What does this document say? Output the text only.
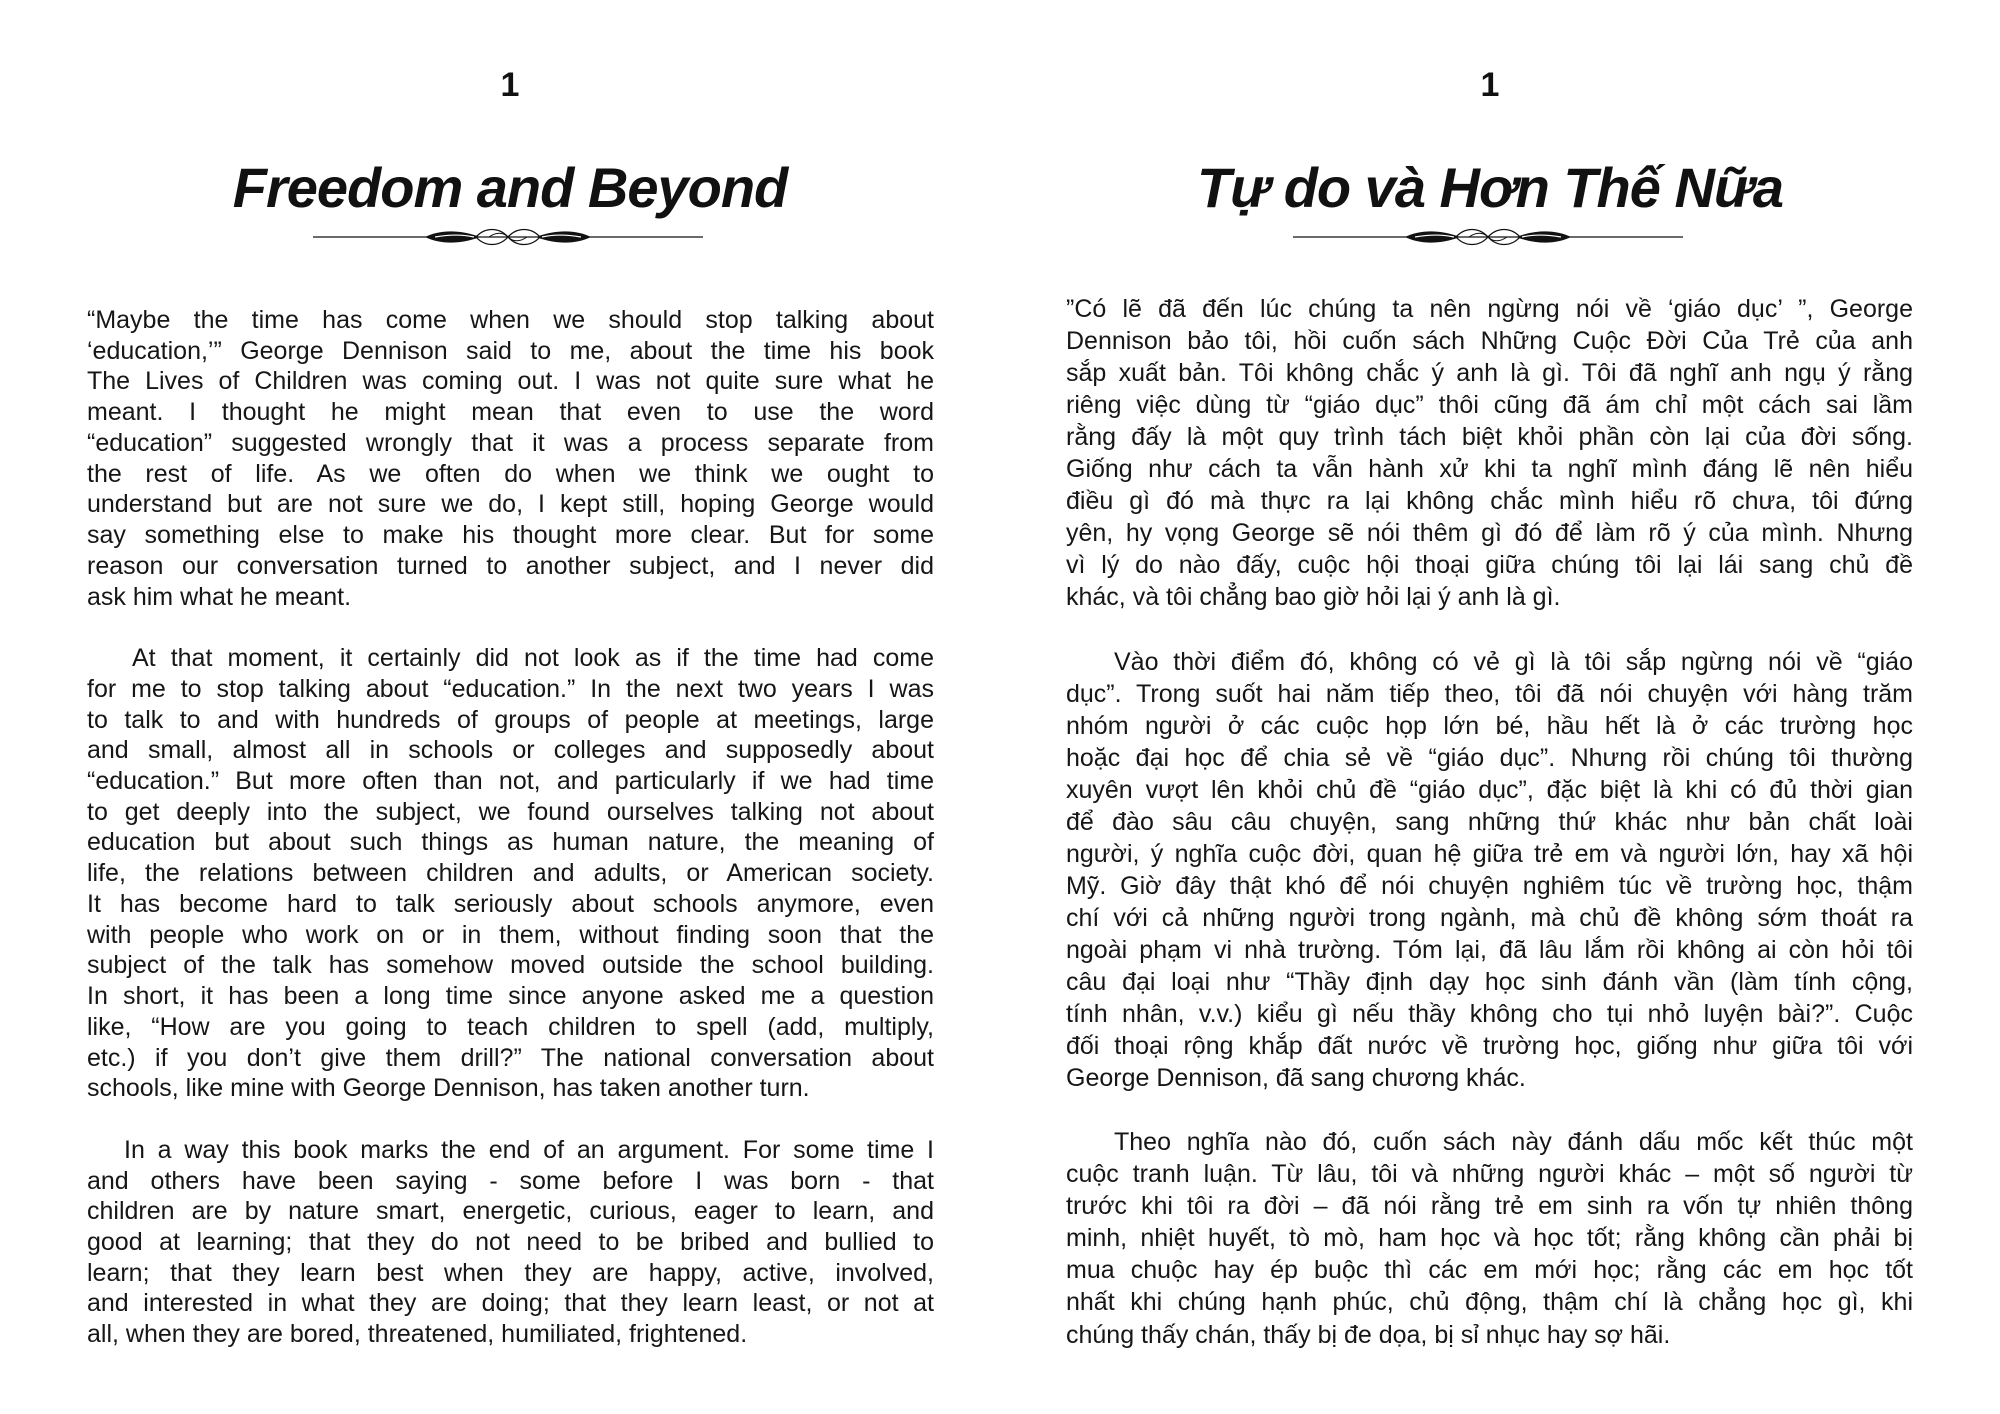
1
Freedom and Beyond
“Maybe the time has come when we should stop talking about
‘education,’” George Dennison said to me, about the time his book
The Lives of Children was coming out. I was not quite sure what he
meant. I thought he might mean that even to use the word
“education” suggested wrongly that it was a process separate from
the rest of life. As we often do when we think we ought to
understand but are not sure we do, I kept still, hoping George would
say something else to make his thought more clear. But for some
reason our conversation turned to another subject, and I never did
ask him what he meant.
At that moment, it certainly did not look as if the time had come
for me to stop talking about “education.” In the next two years I was
to talk to and with hundreds of groups of people at meetings, large
and small, almost all in schools or colleges and supposedly about
“education.” But more often than not, and particularly if we had time
to get deeply into the subject, we found ourselves talking not about
education but about such things as human nature, the meaning of
life, the relations between children and adults, or American society.
It has become hard to talk seriously about schools anymore, even
with people who work on or in them, without finding soon that the
subject of the talk has somehow moved outside the school building.
In short, it has been a long time since anyone asked me a question
like, “How are you going to teach children to spell (add, multiply,
etc.) if you don’t give them drill?” The national conversation about
schools, like mine with George Dennison, has taken another turn.
In a way this book marks the end of an argument. For some time I
and others have been saying - some before I was born - that
children are by nature smart, energetic, curious, eager to learn, and
good at learning; that they do not need to be bribed and bullied to
learn; that they learn best when they are happy, active, involved,
and interested in what they are doing; that they learn least, or not at
all, when they are bored, threatened, humiliated, frightened.
1
Tự do và Hơn Thế Nữa
”Có lẽ đã đến lúc chúng ta nên ngừng nói về ‘giáo dục’ ”, George
Dennison bảo tôi, hồi cuốn sách Những Cuộc Đời Của Trẻ của anh
sắp xuất bản. Tôi không chắc ý anh là gì. Tôi đã nghĩ anh ngụ ý rằng
riêng việc dùng từ “giáo dục” thôi cũng đã ám chỉ một cách sai lầm
rằng đấy là một quy trình tách biệt khỏi phần còn lại của đời sống.
Giống như cách ta vẫn hành xử khi ta nghĩ mình đáng lẽ nên hiểu
điều gì đó mà thực ra lại không chắc mình hiểu rõ chưa, tôi đứng
yên, hy vọng George sẽ nói thêm gì đó để làm rõ ý của mình. Nhưng
vì lý do nào đấy, cuộc hội thoại giữa chúng tôi lại lái sang chủ đề
khác, và tôi chẳng bao giờ hỏi lại ý anh là gì.
Vào thời điểm đó, không có vẻ gì là tôi sắp ngừng nói về “giáo
dục”. Trong suốt hai năm tiếp theo, tôi đã nói chuyện với hàng trăm
nhóm người ở các cuộc họp lớn bé, hầu hết là ở các trường học
hoặc đại học để chia sẻ về “giáo dục”. Nhưng rồi chúng tôi thường
xuyên vượt lên khỏi chủ đề “giáo dục”, đặc biệt là khi có đủ thời gian
để đào sâu câu chuyện, sang những thứ khác như bản chất loài
người, ý nghĩa cuộc đời, quan hệ giữa trẻ em và người lớn, hay xã hội
Mỹ. Giờ đây thật khó để nói chuyện nghiêm túc về trường học, thậm
chí với cả những người trong ngành, mà chủ đề không sớm thoát ra
ngoài phạm vi nhà trường. Tóm lại, đã lâu lắm rồi không ai còn hỏi tôi
câu đại loại như “Thầy định dạy học sinh đánh vần (làm tính cộng,
tính nhân, v.v.) kiểu gì nếu thầy không cho tụi nhỏ luyện bài?”. Cuộc
đối thoại rộng khắp đất nước về trường học, giống như giữa tôi với
George Dennison, đã sang chương khác.
Theo nghĩa nào đó, cuốn sách này đánh dấu mốc kết thúc một
cuộc tranh luận. Từ lâu, tôi và những người khác – một số người từ
trước khi tôi ra đời – đã nói rằng trẻ em sinh ra vốn tự nhiên thông
minh, nhiệt huyết, tò mò, ham học và học tốt; rằng không cần phải bị
mua chuộc hay ép buộc thì các em mới học; rằng các em học tốt
nhất khi chúng hạnh phúc, chủ động, thậm chí là chẳng học gì, khi
chúng thấy chán, thấy bị đe dọa, bị sỉ nhục hay sợ hãi.
